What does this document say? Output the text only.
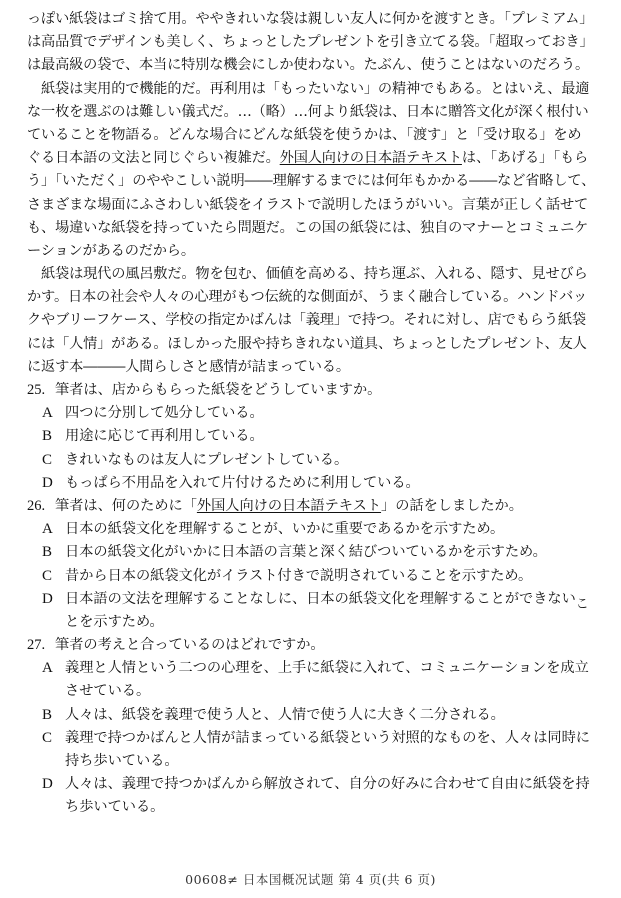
っぽい紙袋はゴミ捨て用。ややきれいな袋は親しい友人に何かを渡すとき。「プレミアム」
は高品質でデザインも美しく、ちょっとしたプレゼントを引き立てる袋。「超取っておき」
は最高級の袋で、本当に特別な機会にしか使わない。たぶん、使うことはないのだろう。
紙袋は実用的で機能的だ。再利用は「もったいない」の精神でもある。とはいえ、最適
な一枚を選ぶのは難しい儀式だ。…（略）…何より紙袋は、日本に贈答文化が深く根付い
ていることを物語る。どんな場合にどんな紙袋を使うかは、「渡す」と「受け取る」をめ
ぐる日本語の文法と同じぐらい複雑だ。外国人向けの日本語テキストは、「あげる」「もら
う」「いただく」のややこしい説明――理解するまでには何年もかかる――など省略して、
さまざまな場面にふさわしい紙袋をイラストで説明したほうがいい。言葉が正しく話せて
も、場違いな紙袋を持っていたら問題だ。この国の紙袋には、独自のマナーとコミュニケ
ーションがあるのだから。
紙袋は現代の風呂敷だ。物を包む、価値を高める、持ち運ぶ、入れる、隠す、見せびら
かす。日本の社会や人々の心理がもつ伝統的な側面が、うまく融合している。ハンドバッ
クやブリーフケース、学校の指定かばんは「義理」で持つ。それに対し、店でもらう紙袋
には「人情」がある。ほしかった服や持ちきれない道具、ちょっとしたプレゼント、友人
に返す本―――人間らしさと感情が詰まっている。
25. 筆者は、店からもらった紙袋をどうしていますか。
A 四つに分別して処分している。
B 用途に応じて再利用している。
C きれいなものは友人にプレゼントしている。
D もっぱら不用品を入れて片付けるために利用している。
26. 筆者は、何のために「外国人向けの日本語テキスト」の話をしましたか。
A 日本の紙袋文化を理解することが、いかに重要であるかを示すため。
B 日本の紙袋文化がいかに日本語の言葉と深く結びついているかを示すため。
C 昔から日本の紙袋文化がイラスト付きで説明されていることを示すため。
D 日本語の文法を理解することなしに、日本の紙袋文化を理解することができないこ
とを示すため。
27. 筆者の考えと合っているのはどれですか。
A 義理と人情という二つの心理を、上手に紙袋に入れて、コミュニケーションを成立
させている。
B 人々は、紙袋を義理で使う人と、人情で使う人に大きく二分される。
C 義理で持つかばんと人情が詰まっている紙袋という対照的なものを、人々は同時に
持ち歩いている。
D 人々は、義理で持つかばんから解放されて、自分の好みに合わせて自由に紙袋を持
ち歩いている。
00608≠ 日本国概况试题 第 4 页(共 6 页)
